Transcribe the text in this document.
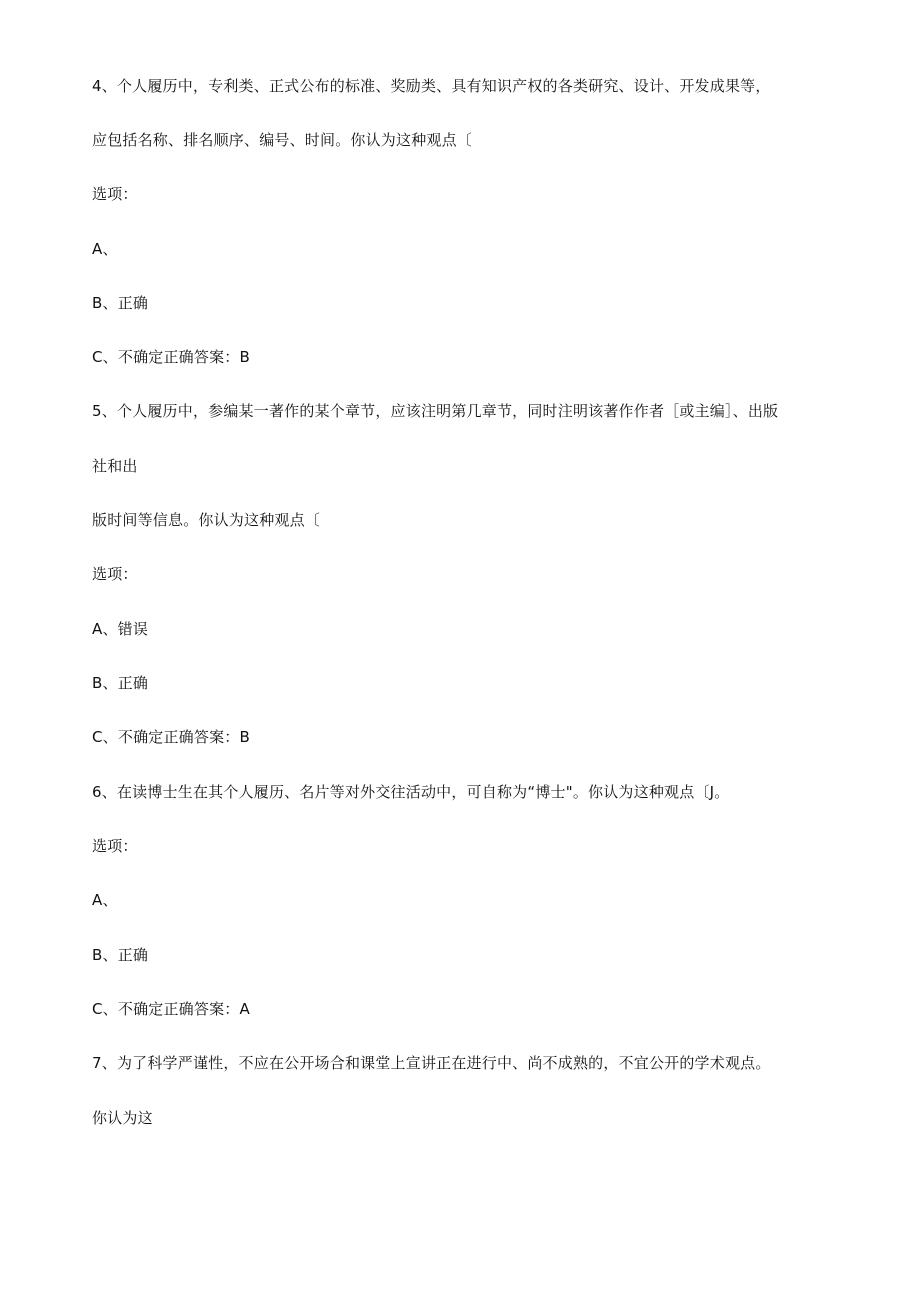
4、个人履历中，专利类、正式公布的标准、奖励类、具有知识产权的各类研究、设计、开发成果等，
应包括名称、排名顺序、编号、时间。你认为这种观点〔
选项：
A、
B、正确
C、不确定正确答案：B
5、个人履历中，参编某一著作的某个章节，应该注明第几章节，同时注明该著作作者［或主编］、出版
社和出
版时间等信息。你认为这种观点〔
选项：
A、错误
B、正确
C、不确定正确答案：B
6、在读博士生在其个人履历、名片等对外交往活动中，可自称为“博士"。你认为这种观点〔J。
选项：
A、
B、正确
C、不确定正确答案：A
7、为了科学严谨性，不应在公开场合和课堂上宣讲正在进行中、尚不成熟的，不宜公开的学术观点。
你认为这
